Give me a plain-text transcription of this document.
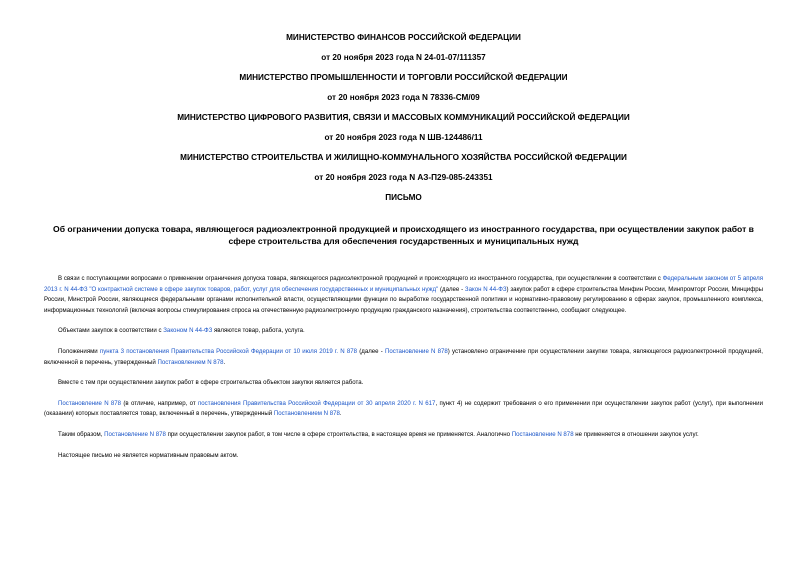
МИНИСТЕРСТВО ФИНАНСОВ РОССИЙСКОЙ ФЕДЕРАЦИИ

от 20 ноября 2023 года N 24-01-07/111357

МИНИСТЕРСТВО ПРОМЫШЛЕННОСТИ И ТОРГОВЛИ РОССИЙСКОЙ ФЕДЕРАЦИИ

от 20 ноября 2023 года N 78336-СМ/09

МИНИСТЕРСТВО ЦИФРОВОГО РАЗВИТИЯ, СВЯЗИ И МАССОВЫХ КОММУНИКАЦИЙ РОССИЙСКОЙ ФЕДЕРАЦИИ

от 20 ноября 2023 года N ШВ-124486/11

МИНИСТЕРСТВО СТРОИТЕЛЬСТВА И ЖИЛИЩНО-КОММУНАЛЬНОГО ХОЗЯЙСТВА РОССИЙСКОЙ ФЕДЕРАЦИИ

от 20 ноября 2023 года N АЗ-П29-085-243351

ПИСЬМО

Об ограничении допуска товара, являющегося радиоэлектронной продукцией и происходящего из иностранного государства, при осуществлении закупок работ в сфере строительства для обеспечения государственных и муниципальных нужд

В связи с поступающими вопросами о применении ограничения допуска товара, являющегося радиоэлектронной продукцией и происходящего из иностранного государства, при осуществлении в соответствии с Федеральным законом от 5 апреля 2013 г. N 44-ФЗ "О контрактной системе в сфере закупок товаров, работ, услуг для обеспечения государственных и муниципальных нужд" (далее - Закон N 44-ФЗ) закупок работ в сфере строительства Минфин России, Минпромторг России, Минцифры России, Минстрой России, являющиеся федеральными органами исполнительной власти, осуществляющими функции по выработке государственной политики и нормативно-правовому регулированию в сферах закупок, промышленного комплекса, информационных технологий (включая вопросы стимулирования спроса на отечественную радиоэлектронную продукцию гражданского назначения), строительства соответственно, сообщают следующее.

Объектами закупок в соответствии с Законом N 44-ФЗ являются товар, работа, услуга.

Положениями пункта 3 постановления Правительства Российской Федерации от 10 июля 2019 г. N 878 (далее - Постановление N 878) установлено ограничение при осуществлении закупки товара, являющегося радиоэлектронной продукцией, включенной в перечень, утвержденный Постановлением N 878.

Вместе с тем при осуществлении закупок работ в сфере строительства объектом закупки является работа.

Постановление N 878 (в отличие, например, от постановления Правительства Российской Федерации от 30 апреля 2020 г. N 617, пункт 4) не содержит требования о его применении при осуществлении закупок работ (услуг), при выполнении (оказании) которых поставляется товар, включенный в перечень, утвержденный Постановлением N 878.

Таким образом, Постановление N 878 при осуществлении закупок работ, в том числе в сфере строительства, в настоящее время не применяется. Аналогично Постановление N 878 не применяется в отношении закупок услуг.

Настоящее письмо не является нормативным правовым актом.
